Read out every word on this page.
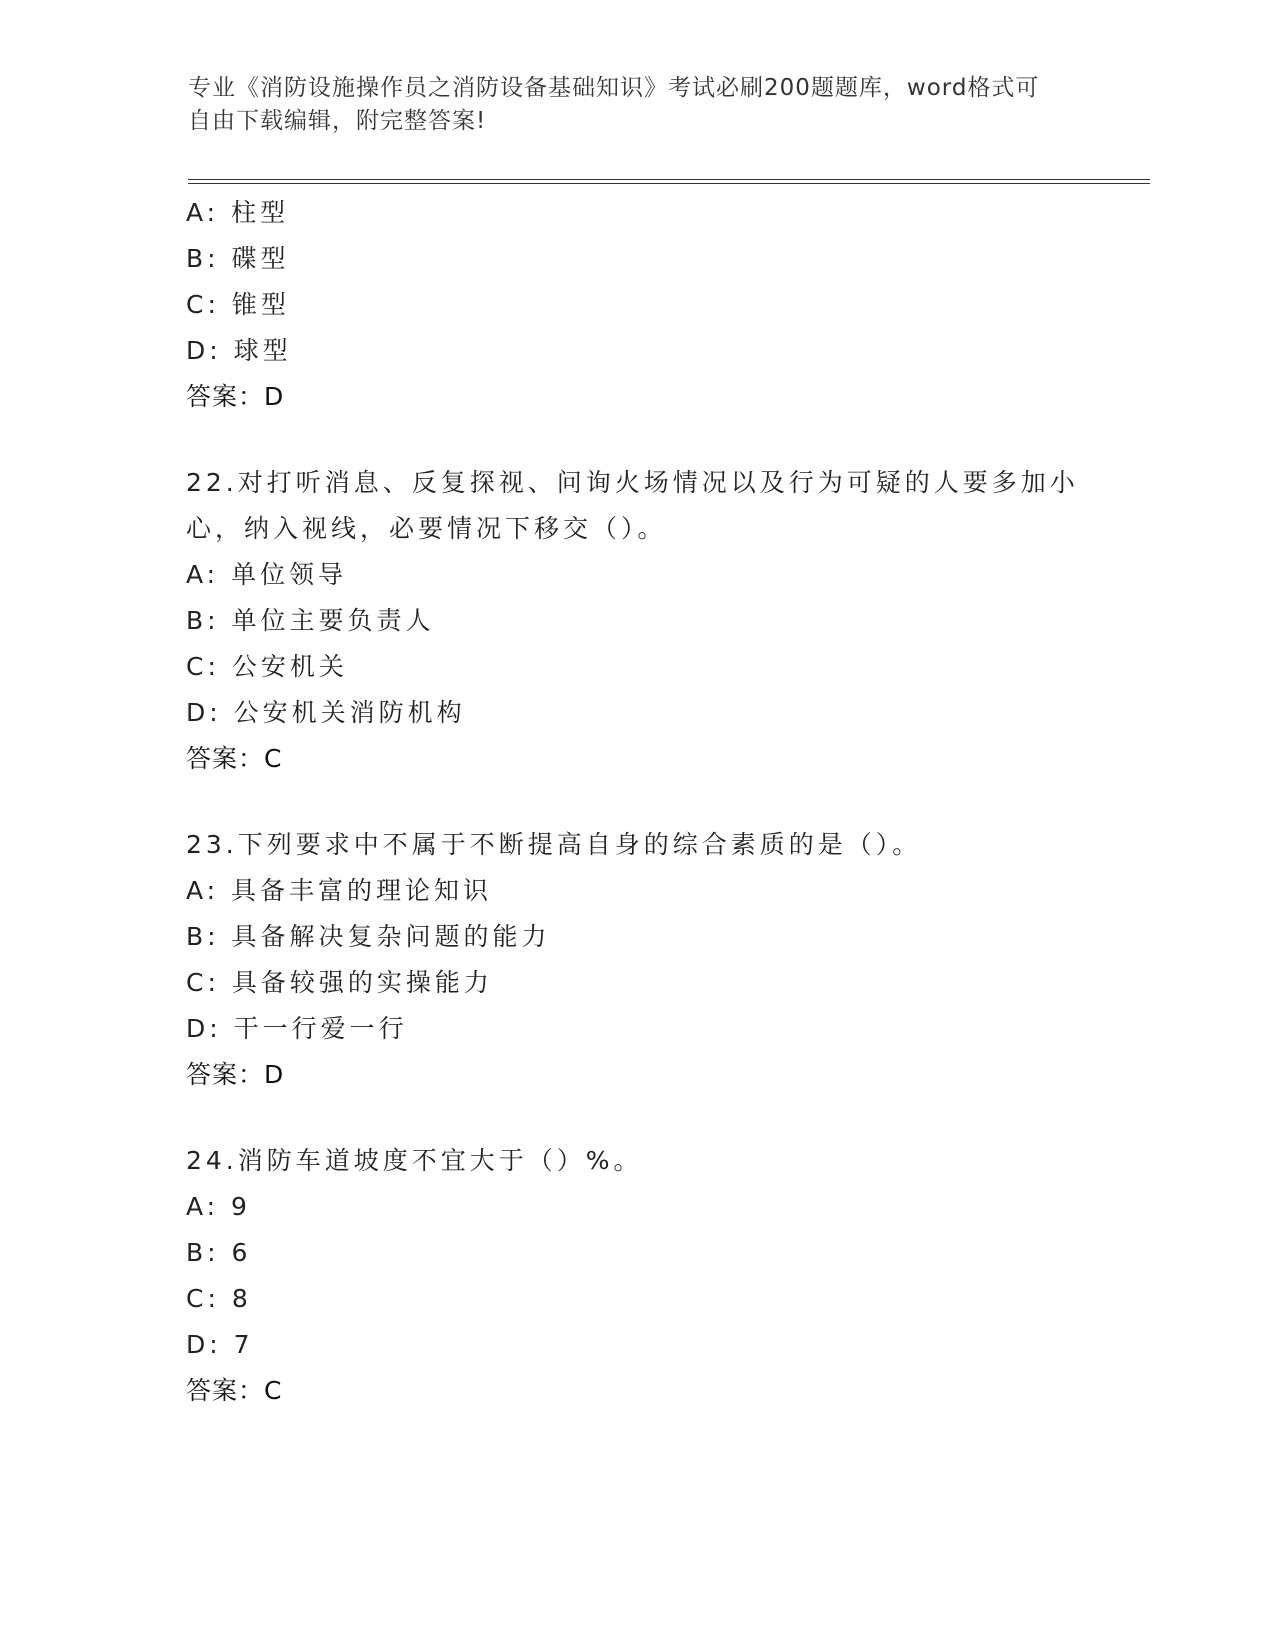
专业《消防设施操作员之消防设备基础知识》考试必刷200题题库，word格式可
自由下载编辑，附完整答案!
A: 柱型
B: 碟型
C: 锥型
D: 球型
答案：D
22.对打听消息、反复探视、问询火场情况以及行为可疑的人要多加小
心，纳入视线，必要情况下移交（）。
A: 单位领导
B: 单位主要负责人
C: 公安机关
D: 公安机关消防机构
答案：C
23.下列要求中不属于不断提高自身的综合素质的是（）。
A: 具备丰富的理论知识
B: 具备解决复杂问题的能力
C: 具备较强的实操能力
D: 干一行爱一行
答案：D
24.消防车道坡度不宜大于（）%。
A: 9
B: 6
C: 8
D: 7
答案：C
